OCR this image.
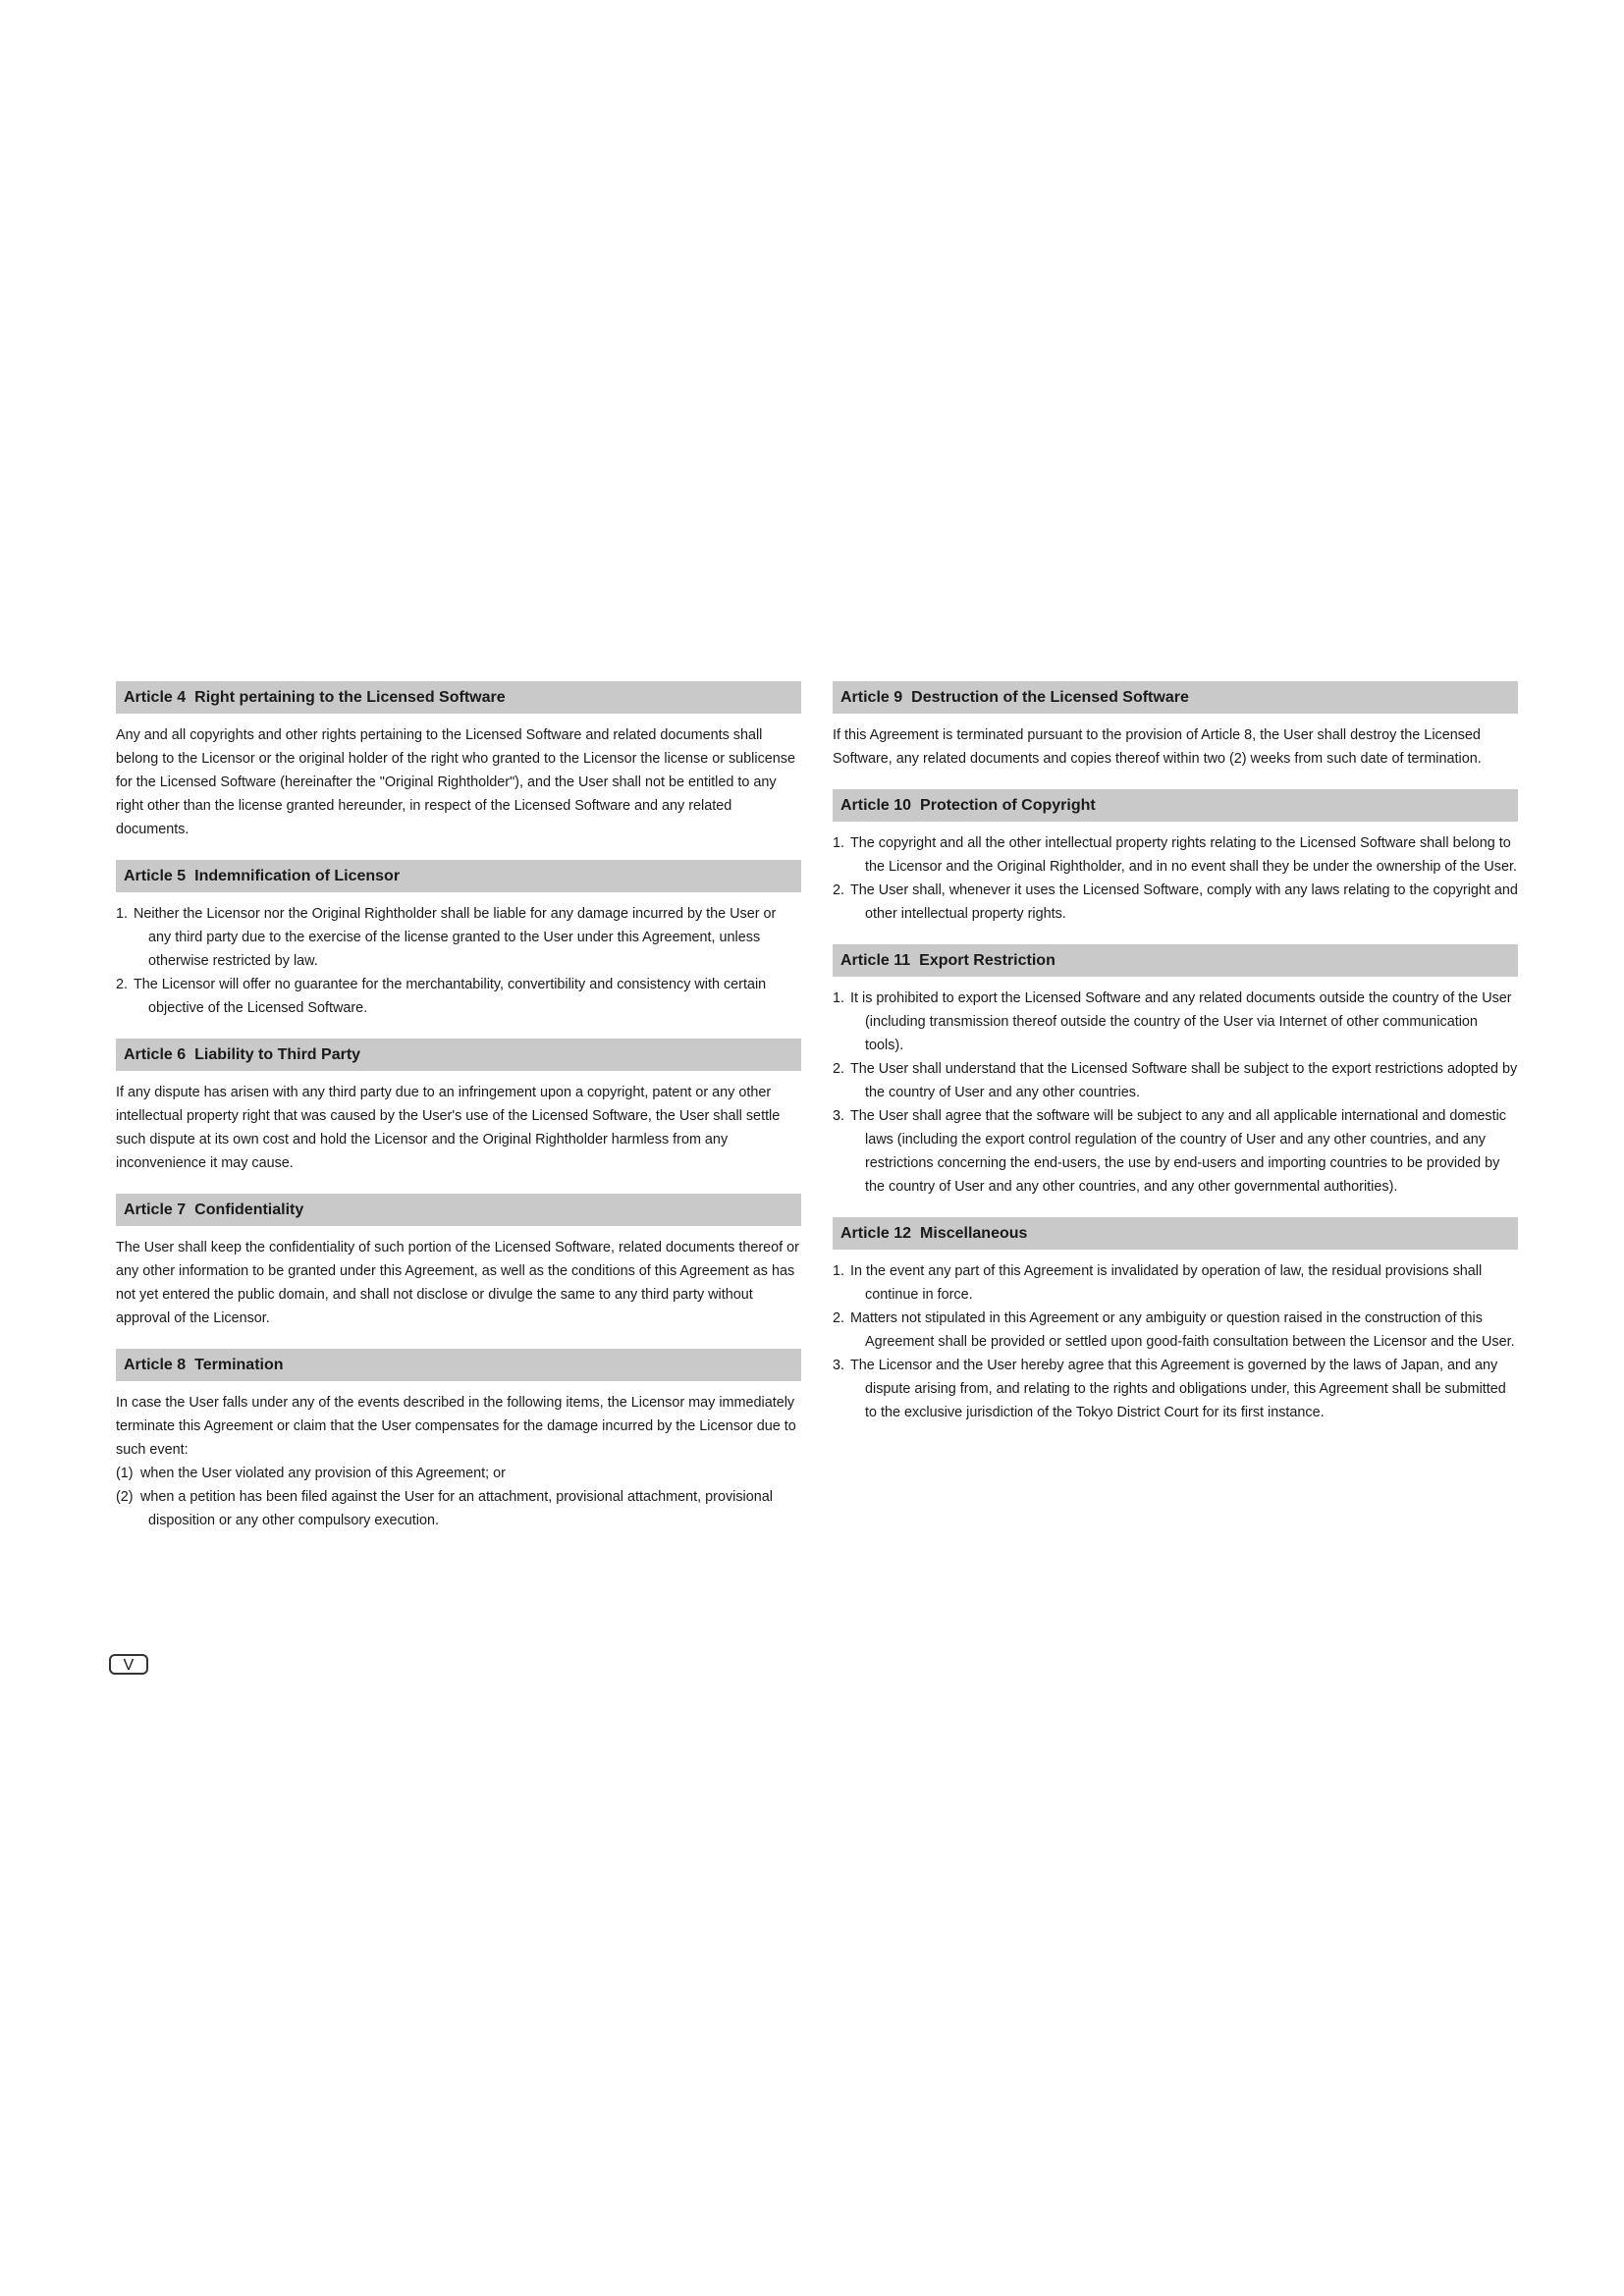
Article 4 Right pertaining to the Licensed Software

Any and all copyrights and other rights pertaining to the Licensed Software and related documents shall belong to the Licensor or the original holder of the right who granted to the Licensor the license or sublicense for the Licensed Software (hereinafter the "Original Rightholder"), and the User shall not be entitled to any right other than the license granted hereunder, in respect of the Licensed Software and any related documents.

Article 5 Indemnification of Licensor
1. Neither the Licensor nor the Original Rightholder shall be liable for any damage incurred by the User or any third party due to the exercise of the license granted to the User under this Agreement, unless otherwise restricted by law.
2. The Licensor will offer no guarantee for the merchantability, convertibility and consistency with certain objective of the Licensed Software.
Article 6 Liability to Third Party

If any dispute has arisen with any third party due to an infringement upon a copyright, patent or any other intellectual property right that was caused by the User's use of the Licensed Software, the User shall settle such dispute at its own cost and hold the Licensor and the Original Rightholder harmless from any inconvenience it may cause.

Article 7 Confidentiality

The User shall keep the confidentiality of such portion of the Licensed Software, related documents thereof or any other information to be granted under this Agreement, as well as the conditions of this Agreement as has not yet entered the public domain, and shall not disclose or divulge the same to any third party without approval of the Licensor.

Article 8 Termination

In case the User falls under any of the events described in the following items, the Licensor may immediately terminate this Agreement or claim that the User compensates for the damage incurred by the Licensor due to such event:

(1) when the User violated any provision of this Agreement; or
(2) when a petition has been filed against the User for an attachment, provisional attachment, provisional disposition or any other compulsory execution.
Article 9 Destruction of the Licensed Software

If this Agreement is terminated pursuant to the provision of Article 8, the User shall destroy the Licensed Software, any related documents and copies thereof within two (2) weeks from such date of termination.

Article 10 Protection of Copyright
1. The copyright and all the other intellectual property rights relating to the Licensed Software shall belong to the Licensor and the Original Rightholder, and in no event shall they be under the ownership of the User.
2. The User shall, whenever it uses the Licensed Software, comply with any laws relating to the copyright and other intellectual property rights.
Article 11 Export Restriction
1. It is prohibited to export the Licensed Software and any related documents outside the country of the User (including transmission thereof outside the country of the User via Internet of other communication tools).
2. The User shall understand that the Licensed Software shall be subject to the export restrictions adopted by the country of User and any other countries.
3. The User shall agree that the software will be subject to any and all applicable international and domestic laws (including the export control regulation of the country of User and any other countries, and any restrictions concerning the end-users, the use by end-users and importing countries to be provided by the country of User and any other countries, and any other governmental authorities).
Article 12 Miscellaneous
1. In the event any part of this Agreement is invalidated by operation of law, the residual provisions shall continue in force.
2. Matters not stipulated in this Agreement or any ambiguity or question raised in the construction of this Agreement shall be provided or settled upon good-faith consultation between the Licensor and the User.
3. The Licensor and the User hereby agree that this Agreement is governed by the laws of Japan, and any dispute arising from, and relating to the rights and obligations under, this Agreement shall be submitted to the exclusive jurisdiction of the Tokyo District Court for its first instance.
V
